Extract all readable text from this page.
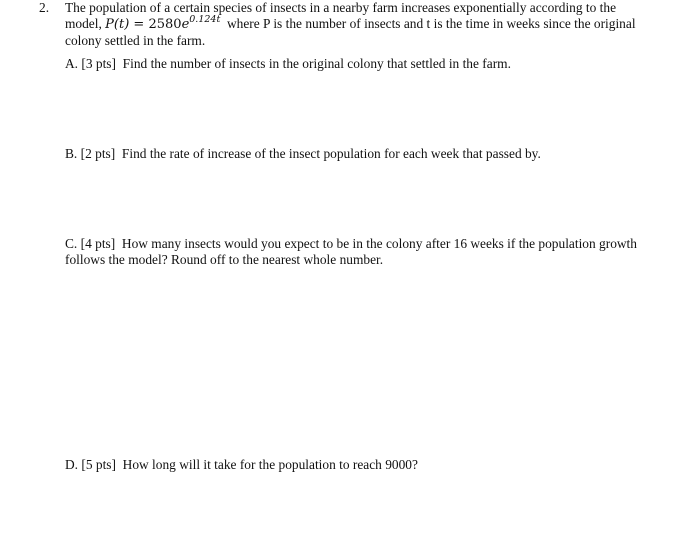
2. The population of a certain species of insects in a nearby farm increases exponentially according to the
model, $P(t) = 2580e^{0.124t}$  where P is the number of insects and t is the time in weeks since the original
colony settled in the farm.
A. [3 pts] Find the number of insects in the original colony that settled in the farm.
B. [2 pts] Find the rate of increase of the insect population for each week that passed by.
C. [4 pts] How many insects would you expect to be in the colony after 16 weeks if the population growth follows the model? Round off to the nearest whole number.
D. [5 pts] How long will it take for the population to reach 9000?
